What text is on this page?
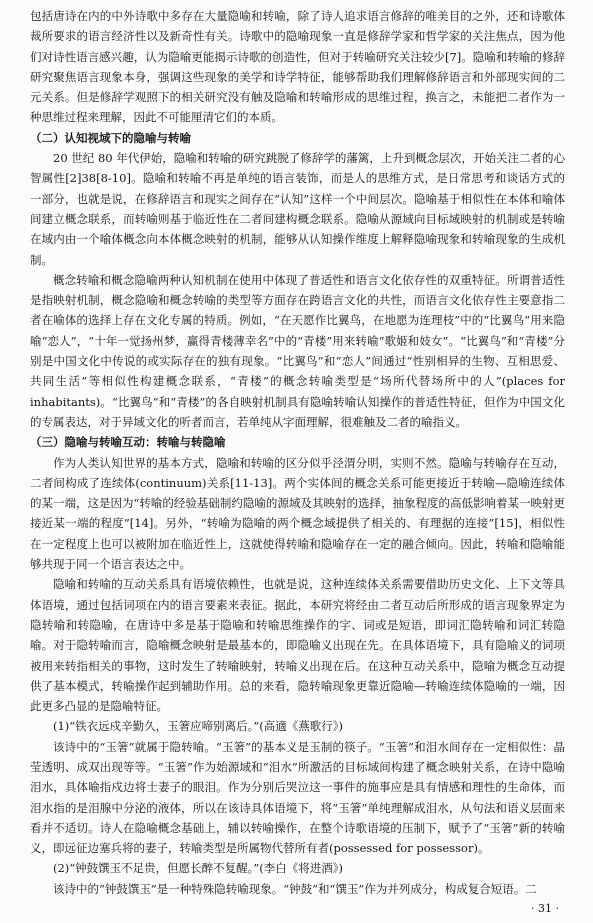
包括唐诗在内的中外诗歌中多存在大量隐喻和转喻，除了诗人追求语言修辞的唯美目的之外，还和诗歌体裁所要求的语言经济性以及新奇性有关。诗歌中的隐喻现象一直是修辞学家和哲学家的关注焦点，因为他们对诗性语言感兴趣，认为隐喻更能揭示诗歌的创造性，但对于转喻研究关注较少[7]。隐喻和转喻的修辞研究聚焦语言现象本身，强调这些现象的美学和诗学特征，能够帮助我们理解修辞语言和外部现实间的二元关系。但是修辞学观照下的相关研究没有触及隐喻和转喻形成的思维过程，换言之，未能把二者作为一种思维过程来理解，因此不可能厘清它们的本质。

（二）认知视域下的隐喻与转喻

20 世纪 80 年代伊始，隐喻和转喻的研究跳脱了修辞学的藩篱，上升到概念层次，开始关注二者的心智属性[2]38[8-10]。隐喻和转喻不再是单纯的语言装饰，而是人的思维方式，是日常思考和谈话方式的一部分，也就是说，在修辞语言和现实之间存在“认知”这样一个中间层次。隐喻基于相似性在本体和喻体间建立概念联系，而转喻则基于临近性在二者间建构概念联系。隐喻从源域向目标域映射的机制或是转喻在域内由一个喻体概念向本体概念映射的机制，能够从认知操作维度上解释隐喻现象和转喻现象的生成机制。

概念转喻和概念隐喻两种认知机制在使用中体现了普适性和语言文化依存性的双重特征。所谓普适性是指映射机制，概念隐喻和概念转喻的类型等方面存在跨语言文化的共性，而语言文化依存性主要意指二者在喻体的选择上存在文化专属的特质。例如，“在天愿作比翼鸟，在地愿为连理枝”中的“比翼鸟”用来隐喻“恋人”，“十年一觉扬州梦，赢得青楼薄幸名”中的“青楼”用来转喻“歌姬和妓女”。“比翼鸟”和“青楼”分别是中国文化中传说的或实际存在的独有现象。“比翼鸟”和“恋人”间通过“性别相异的生物、互相思爱、共同生活”等相似性构建概念联系，“青楼”的概念转喻类型是“场所代替场所中的人”(places for inhabitants)。“比翼鸟”和“青楼”的各自映射机制具有隐喻转喻认知操作的普适性特征，但作为中国文化的专属表达，对于异域文化的听者而言，若单纯从字面理解，很难触及二者的喻指义。

（三）隐喻与转喻互动：转喻与转隐喻

作为人类认知世界的基本方式，隐喻和转喻的区分似乎泾渭分明，实则不然。隐喻与转喻存在互动，二者间构成了连续体(continuum)关系[11-13]。两个实体间的概念关系可能更接近于转喻—隐喻连续体的某一端，这是因为“转喻的经验基础制约隐喻的源域及其映射的选择，抽象程度的高低影响着某一映射更接近某一端的程度”[14]。另外，“转喻为隐喻的两个概念域提供了相关的、有理据的连接”[15]，相似性在一定程度上也可以被附加在临近性上，这就使得转喻和隐喻存在一定的融合倾向。因此，转喻和隐喻能够共现于同一个语言表达之中。

隐喻和转喻的互动关系具有语境依赖性，也就是说，这种连续体关系需要借助历史文化、上下文等具体语境，通过包括词项在内的语言要素来表征。据此，本研究将经由二者互动后所形成的语言现象界定为隐转喻和转隐喻，在唐诗中多是基于隐喻和转喻思维操作的字、词或是短语，即词汇隐转喻和词汇转隐喻。对于隐转喻而言，隐喻概念映射是最基本的，即隐喻义出现在先。在具体语境下，具有隐喻义的词项被用来转指相关的事物，这时发生了转喻映射，转喻义出现在后。在这种互动关系中，隐喻为概念互动提供了基本模式，转喻操作起到辅助作用。总的来看，隐转喻现象更靠近隐喻—转喻连续体隐喻的一端，因此更多凸显的是隐喻特征。

(1)“铁衣远戍辛勤久，玉箸应啼别离后。”(高適《燕歌行》)

该诗中的“玉箸”就属于隐转喻。“玉箸”的基本义是玉制的筷子。“玉箸”和泪水间存在一定相似性：晶莹透明、成双出现等等。“玉箸”作为始源域和“泪水”所激活的目标域间构建了概念映射关系，在诗中隐喻泪水，具体喻指戍边将士妻子的眼泪。作为分别后哭泣这一事件的施事应是具有情感和理性的生命体，而泪水指的是泪腺中分泌的液体，所以在该诗具体语境下，将“玉箸”单纯理解成泪水，从句法和语义层面来看并不适切。诗人在隐喻概念基础上，辅以转喻操作，在整个诗歌语境的压制下，赋予了“玉箸”新的转喻义，即远征边塞兵将的妻子，转喻类型是所属物代替所有者(possessed for possessor)。

(2)“钟鼓馔玉不足贵，但愿长醉不复醒。”(李白《将进酒》)

该诗中的“钟鼓馔玉”是一种特殊隐转喻现象。“钟鼓”和“馔玉”作为并列成分，构成复合短语。二

· 31 ·
